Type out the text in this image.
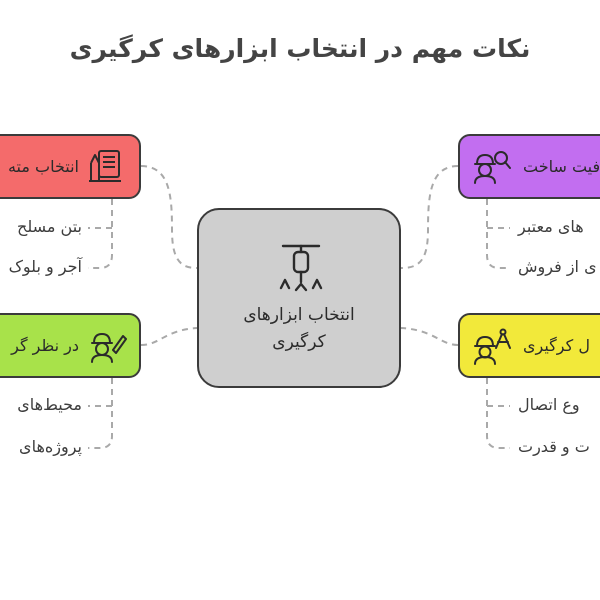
نکات مهم در انتخاب ابزارهای کرگیری
انتخاب ابزارهای
کرگیری
انتخاب مته
در نظر گر
فیت ساخت
ل کرگیری
بتن مسلح
آجر و بلوک
محیط‌های
پروژه‌های
های معتبر
ی از فروش
وع اتصال
ت و قدرت
